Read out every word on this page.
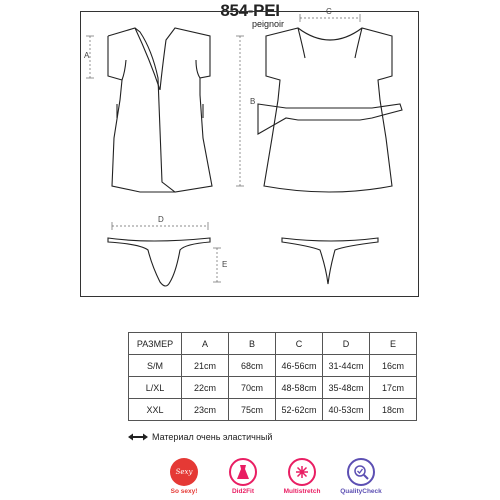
854-PEI
peignoir
A
B
C
D
E
РАЗМЕР	A	B	C	D	E
S/M	21cm	68cm	46-56cm	31-44cm	16cm
L/XL	22cm	70cm	48-58cm	35-48cm	17cm
XXL	23cm	75cm	52-62cm	40-53cm	18cm
Материал очень эластичный
Sexy
So sexy!	Did2Fit	Multistretch	QualityCheck
